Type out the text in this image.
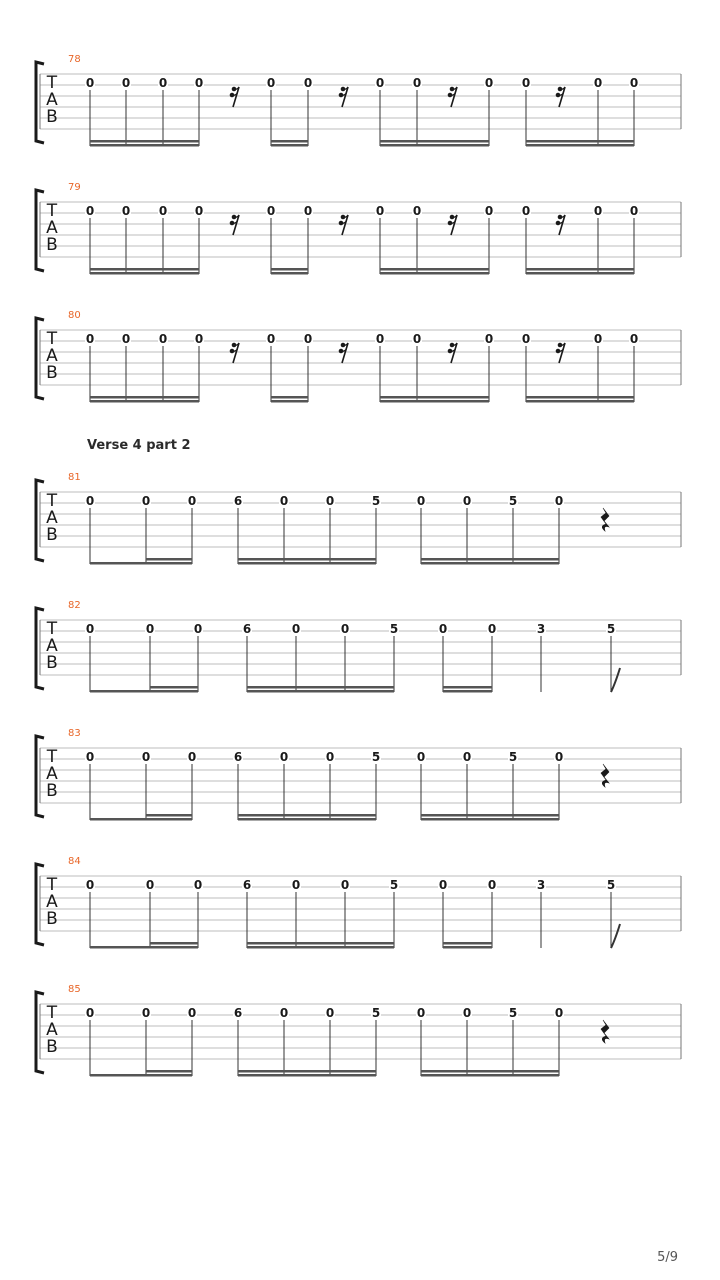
Verse 4 part 2
78
T
A
B
0 0 0 0	0 0	0 0	0 0	0 0
79
T
A
B
0 0 0 0	0 0	0 0	0 0	0 0
80
T
A
B
0 0 0 0	0 0	0 0	0 0	0 0
81
T
A
B
0	0	0	6	0	0	5	0	0	5	0
82
T
A
B
0	0	0	6	0	0	5	0	0	3	5
83
T
A
B
0	0	0	6	0	0	5	0	0	5	0
84
T
A
B
0	0	0	6	0	0	5	0	0	3	5
85
T
A
B
0	0	0	6	0	0	5	0	0	5	0
5/9
